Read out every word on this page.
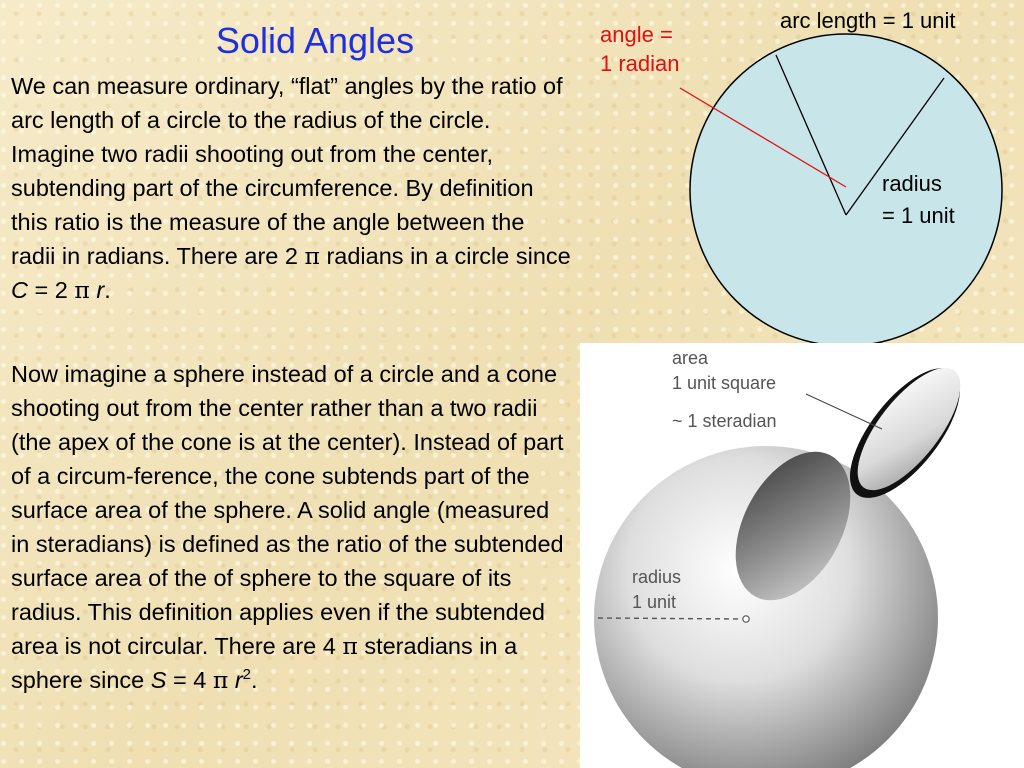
Solid Angles

We can measure ordinary, “flat” angles by the ratio of arc length of a circle to the radius of the circle. Imagine two radii shooting out from the center, subtending part of the circumference. By definition this ratio is the measure of the angle between the radii in radians. There are 2 π radians in a circle since C = 2 π r.

Now imagine a sphere instead of a circle and a cone shooting out from the center rather than a two radii (the apex of the cone is at the center). Instead of part of a circum-ference, the cone subtends part of the surface area of the sphere. A solid angle (measured in steradians) is defined as the ratio of the subtended surface area of the of sphere to the square of its radius. This definition applies even if the subtended area is not circular. There are 4 π steradians in a sphere since S = 4 π $r^2$.

angle =
1 radian

arc length = 1 unit

radius
= 1 unit

area
1 unit square

~ 1 steradian

radius
1 unit
